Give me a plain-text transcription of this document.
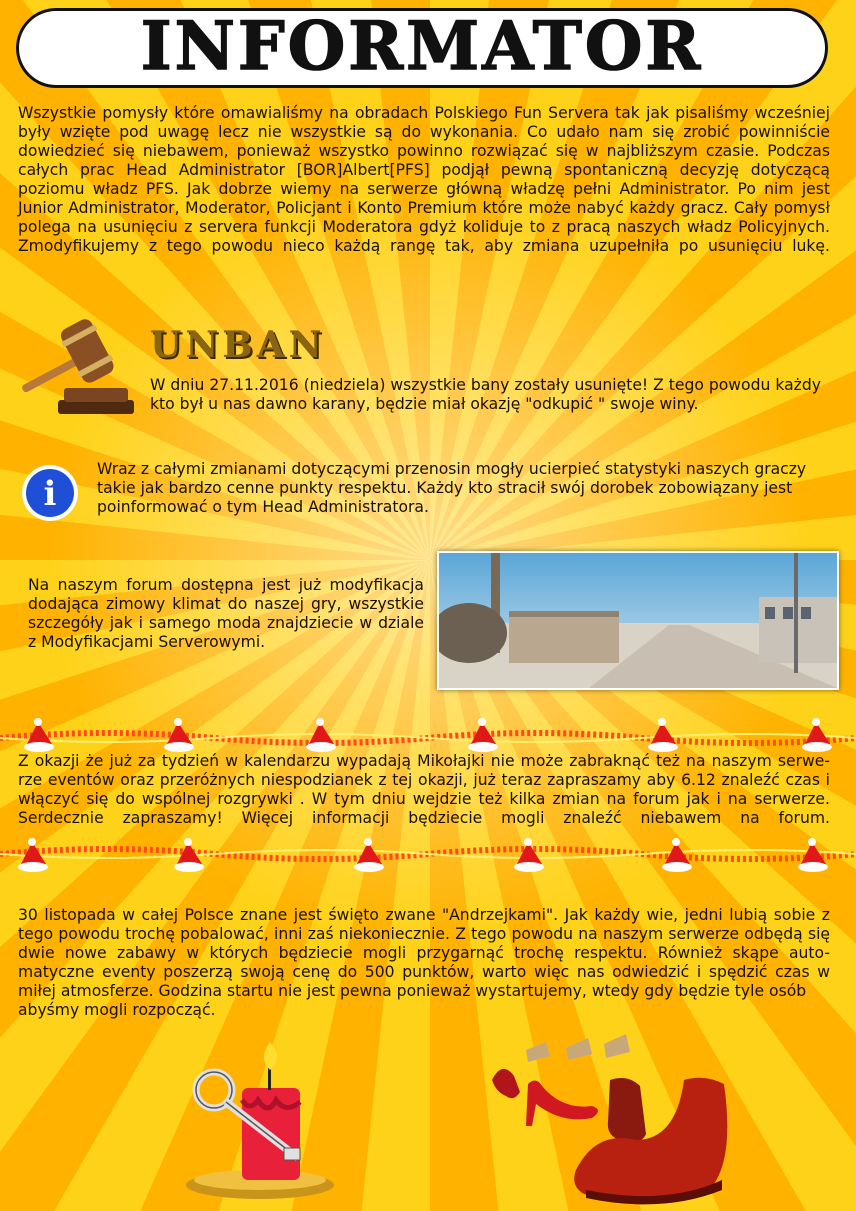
INFORMATOR
Wszystkie pomysły które omawialiśmy na obradach Polskiego Fun Servera tak jak pisaliśmy wcześniej były wzięte pod uwagę lecz nie wszystkie są do wykonania. Co udało nam się zrobić powinniście dowiedzieć się niebawem, ponieważ wszystko powinno rozwiązać się w najbliższym czasie. Podczas całych prac Head Administrator [BOR]Albert[PFS] podjął pewną spontaniczną decyzję dotyczącą poziomu władz PFS. Jak dobrze wiemy na serwerze główną władzę pełni Administrator. Po nim jest Junior Administrator, Moderator, Policjant i Konto Premium które może nabyć każdy gracz. Cały pomysł polega na usunięciu z servera funkcji Moderatora gdyż koliduje to z pracą naszych władz Policyjnych. Zmodyfikujemy z tego powodu nieco każdą rangę tak, aby zmiana uzupełniła po usunięciu lukę.
UNBAN
W dniu 27.11.2016 (niedziela) wszystkie bany zostały usunięte! Z tego powodu każdy kto był u nas dawno karany, będzie miał okazję "odkupić " swoje winy.
i
Wraz z całymi zmianami dotyczącymi przenosin mogły ucierpieć statystyki naszych graczy takie jak bardzo cenne punkty respektu. Każdy kto stracił swój dorobek zobowiązany jest poinformować o tym Head Administratora.
Na naszym forum dostępna jest już modyfikacja dodająca zimowy klimat do naszej gry, wszystkie szczegóły jak i samego moda znajdziecie w dziale z Modyfikacjami Serverowymi.
Z okazji że już za tydzień w kalendarzu wypadają Mikołajki nie może zabraknąć też na naszym serwe-rze eventów oraz przeróżnych niespodzianek z tej okazji, już teraz zapraszamy aby 6.12 znaleźć czas i włączyć się do wspólnej rozgrywki . W tym dniu wejdzie też kilka zmian na forum jak i na serwerze. Serdecznie zapraszamy! Więcej informacji będziecie mogli znaleźć niebawem na forum.
30 listopada w całej Polsce znane jest święto zwane "Andrzejkami". Jak każdy wie, jedni lubią sobie z tego powodu trochę pobalować, inni zaś niekoniecznie. Z tego powodu na naszym serwerze odbędą się dwie nowe zabawy w których będziecie mogli przygarnąć trochę respektu. Również skąpe auto-matyczne eventy poszerzą swoją cenę do 500 punktów, warto więc nas odwiedzić i spędzić czas w
miłej atmosferze. Godzina startu nie jest pewna ponieważ wystartujemy, wtedy gdy będzie tyle osób abyśmy mogli rozpocząć.
